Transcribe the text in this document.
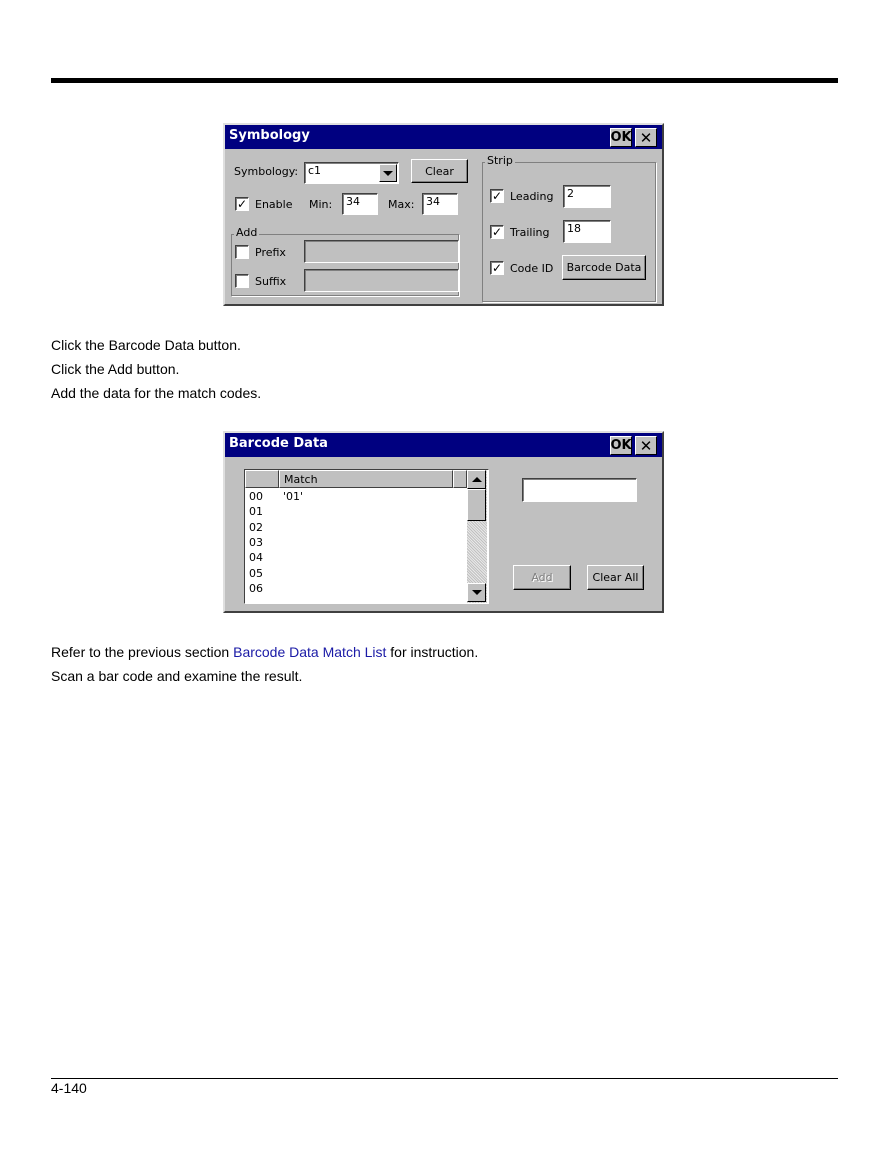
Symbology	OK ✕
Symbology: c1	Clear
✓ Enable Min:	34	Max:	34
Add
Prefix
Suffix
Strip
✓ Leading	2
✓ Trailing	18
✓ Code ID	Barcode Data
Click the Barcode Data button.
Click the Add button.
Add the data for the match codes.
Barcode Data	OK ✕
Match
00 '01'
01
02
03
04
05
06
Add	Clear All
Refer to the previous section Barcode Data Match List for instruction.
Scan a bar code and examine the result.
4-140
